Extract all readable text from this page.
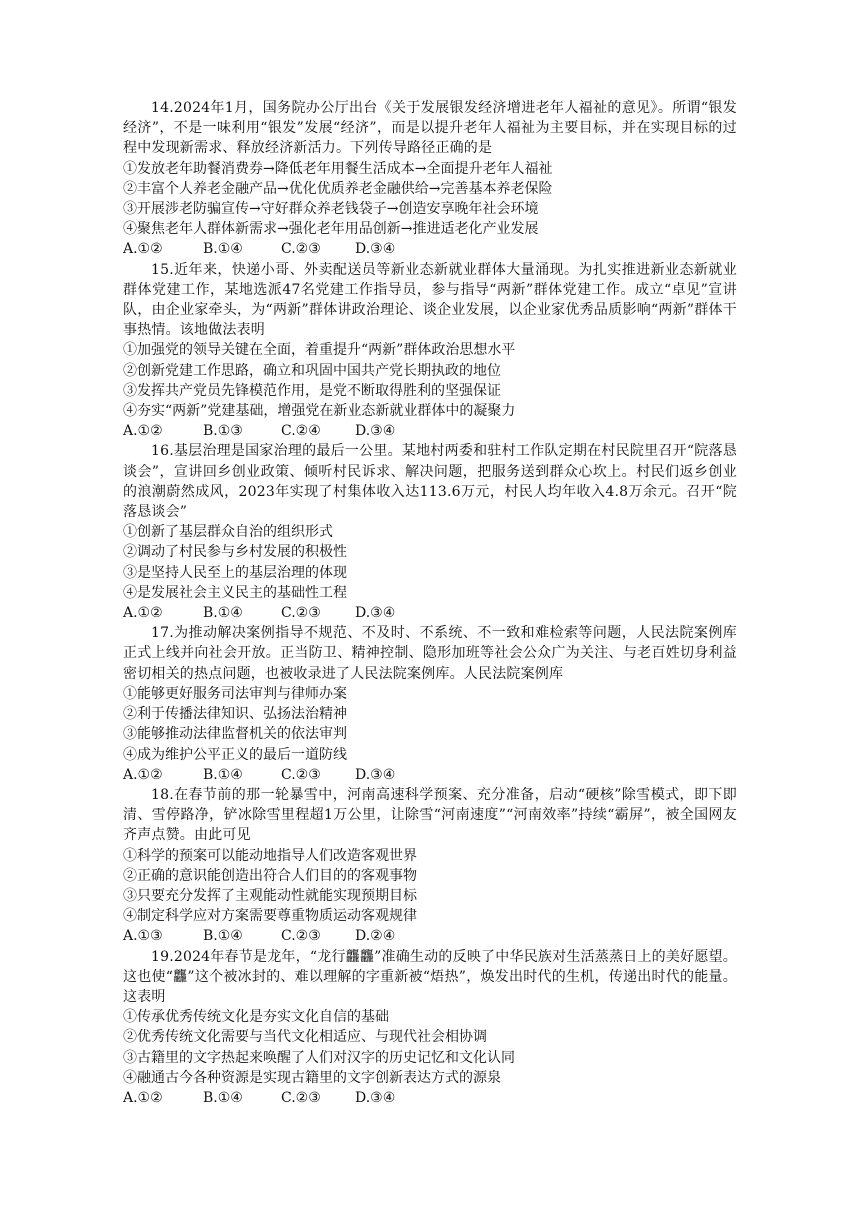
14.2024年1月，国务院办公厅出台《关于发展银发经济增进老年人福祉的意见》。所谓“银发经济”，不是一味利用“银发”发展“经济”，而是以提升老年人福祉为主要目标，并在实现目标的过程中发现新需求、释放经济新活力。下列传导路径正确的是

①发放老年助餐消费券→降低老年用餐生活成本→全面提升老年人福祉

②丰富个人养老金融产品→优化优质养老金融供给→完善基本养老保险

③开展涉老防骗宣传→守好群众养老钱袋子→创造安享晚年社会环境

④聚焦老年人群体新需求→强化老年用品创新→推进适老化产业发展

A.①②	B.①④	C.②③ D.③④

15.近年来，快递小哥、外卖配送员等新业态新就业群体大量涌现。为扎实推进新业态新就业群体党建工作，某地选派47名党建工作指导员，参与指导“两新”群体党建工作。成立“卓见”宣讲队，由企业家牵头，为“两新”群体讲政治理论、谈企业发展，以企业家优秀品质影响“两新”群体干事热情。该地做法表明

①加强党的领导关键在全面，着重提升“两新”群体政治思想水平

②创新党建工作思路，确立和巩固中国共产党长期执政的地位

③发挥共产党员先锋模范作用，是党不断取得胜利的坚强保证

④夯实“两新”党建基础，增强党在新业态新就业群体中的凝聚力

A.①②	B.①③	C.②④ D.③④

16.基层治理是国家治理的最后一公里。某地村两委和驻村工作队定期在村民院里召开“院落恳谈会”，宣讲回乡创业政策、倾听村民诉求、解决问题，把服务送到群众心坎上。村民们返乡创业的浪潮蔚然成风，2023年实现了村集体收入达113.6万元，村民人均年收入4.8万余元。召开“院落恳谈会”

①创新了基层群众自治的组织形式

②调动了村民参与乡村发展的积极性

③是坚持人民至上的基层治理的体现

④是发展社会主义民主的基础性工程

A.①②	B.①④	C.②③ D.③④

17.为推动解决案例指导不规范、不及时、不系统、不一致和难检索等问题，人民法院案例库正式上线并向社会开放。正当防卫、精神控制、隐形加班等社会公众广为关注、与老百姓切身利益密切相关的热点问题，也被收录进了人民法院案例库。人民法院案例库

①能够更好服务司法审判与律师办案

②利于传播法律知识、弘扬法治精神

③能够推动法律监督机关的依法审判

④成为维护公平正义的最后一道防线

A.①②	B.①④	C.②③ D.③④

18.在春节前的那一轮暴雪中，河南高速科学预案、充分准备，启动“硬核”除雪模式，即下即清、雪停路净，铲冰除雪里程超1万公里，让除雪“河南速度”“河南效率”持续“霸屏”，被全国网友齐声点赞。由此可见

①科学的预案可以能动地指导人们改造客观世界

②正确的意识能创造出符合人们目的的客观事物

③只要充分发挥了主观能动性就能实现预期目标

④制定科学应对方案需要尊重物质运动客观规律

A.①③	B.①④	C.②③ D.②④

19.2024年春节是龙年，“龙行龘龘”准确生动的反映了中华民族对生活蒸蒸日上的美好愿望。这也使“龘”这个被冰封的、难以理解的字重新被“焐热”，焕发出时代的生机，传递出时代的能量。这表明

①传承优秀传统文化是夯实文化自信的基础

②优秀传统文化需要与当代文化相适应、与现代社会相协调

③古籍里的文字热起来唤醒了人们对汉字的历史记忆和文化认同

④融通古今各种资源是实现古籍里的文字创新表达方式的源泉

A.①②	B.①④	C.②③ D.③④
